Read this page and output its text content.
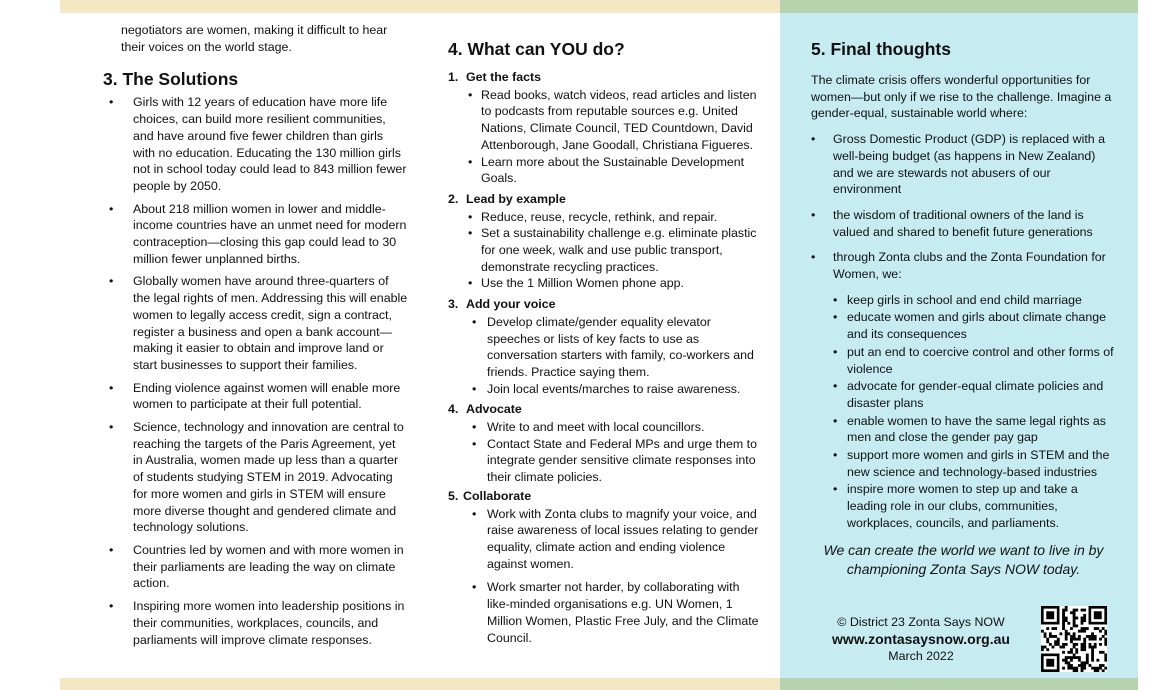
negotiators are women, making it difficult to hear their voices on the world stage.

3. The Solutions
• Girls with 12 years of education have more life choices, can build more resilient communities, and have around five fewer children than girls with no education. Educating the 130 million girls not in school today could lead to 843 million fewer people by 2050.
• About 218 million women in lower and middle-income countries have an unmet need for modern contraception—closing this gap could lead to 30 million fewer unplanned births.
• Globally women have around three-quarters of the legal rights of men. Addressing this will enable women to legally access credit, sign a contract, register a business and open a bank account—making it easier to obtain and improve land or start businesses to support their families.
• Ending violence against women will enable more women to participate at their full potential.
• Science, technology and innovation are central to reaching the targets of the Paris Agreement, yet in Australia, women made up less than a quarter of students studying STEM in 2019. Advocating for more women and girls in STEM will ensure more diverse thought and gendered climate and technology solutions.
• Countries led by women and with more women in their parliaments are leading the way on climate action.
• Inspiring more women into leadership positions in their communities, workplaces, councils, and parliaments will improve climate responses.
4. What can YOU do?
1. Get the facts
• Read books, watch videos, read articles and listen to podcasts from reputable sources e.g. United Nations, Climate Council, TED Countdown, David Attenborough, Jane Goodall, Christiana Figueres.
• Learn more about the Sustainable Development Goals.
2. Lead by example
• Reduce, reuse, recycle, rethink, and repair.
• Set a sustainability challenge e.g. eliminate plastic for one week, walk and use public transport, demonstrate recycling practices.
• Use the 1 Million Women phone app.
3. Add your voice
• Develop climate/gender equality elevator speeches or lists of key facts to use as conversation starters with family, co-workers and friends. Practice saying them.
• Join local events/marches to raise awareness.
4. Advocate
• Write to and meet with local councillors.
• Contact State and Federal MPs and urge them to integrate gender sensitive climate responses into their climate policies.
5. Collaborate
• Work with Zonta clubs to magnify your voice, and raise awareness of local issues relating to gender equality, climate action and ending violence against women.
• Work smarter not harder, by collaborating with like-minded organisations e.g. UN Women, 1 Million Women, Plastic Free July, and the Climate Council.
5. Final thoughts

The climate crisis offers wonderful opportunities for women—but only if we rise to the challenge. Imagine a gender-equal, sustainable world where:

• Gross Domestic Product (GDP) is replaced with a well-being budget (as happens in New Zealand) and we are stewards not abusers of our environment
• the wisdom of traditional owners of the land is valued and shared to benefit future generations
• through Zonta clubs and the Zonta Foundation for Women, we:
• keep girls in school and end child marriage
• educate women and girls about climate change and its consequences
• put an end to coercive control and other forms of violence
• advocate for gender-equal climate policies and disaster plans
• enable women to have the same legal rights as men and close the gender pay gap
• support more women and girls in STEM and the new science and technology-based industries
• inspire more women to step up and take a leading role in our clubs, communities, workplaces, councils, and parliaments.

We can create the world we want to live in by championing Zonta Says NOW today.

© District 23 Zonta Says NOW
www.zontasaysnow.org.au
March 2022
